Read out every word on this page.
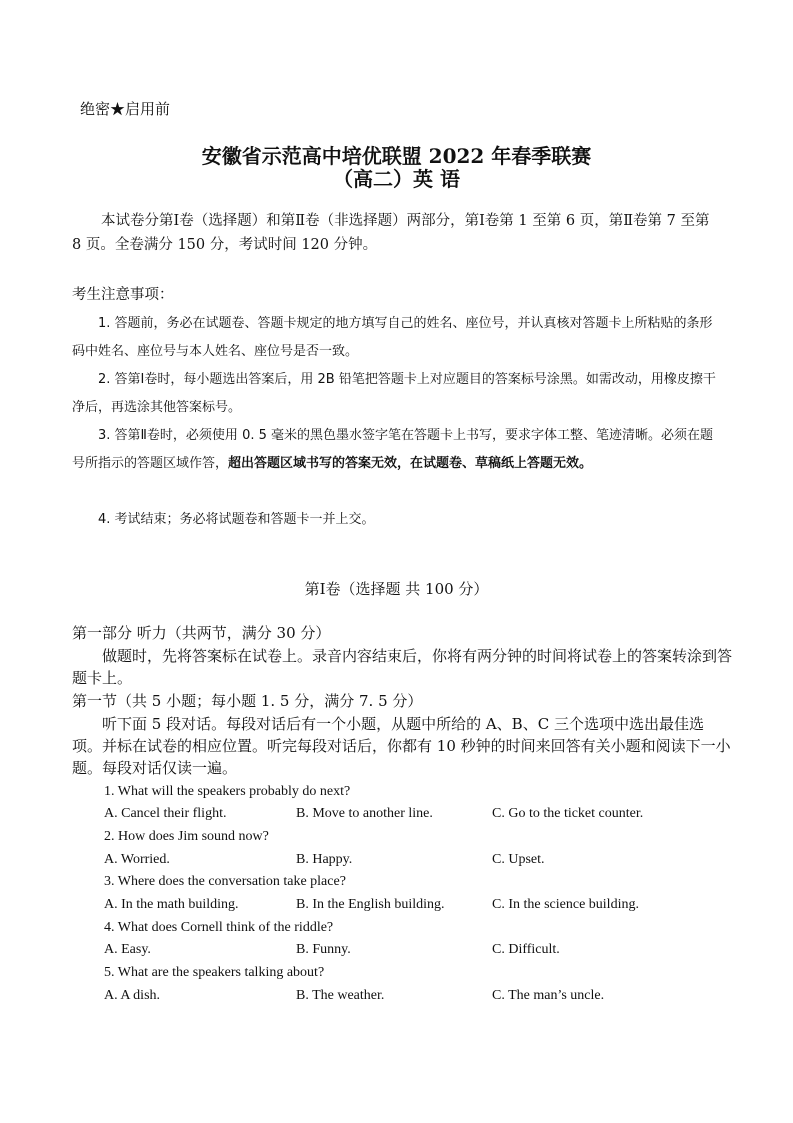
绝密★启用前
安徽省示范高中培优联盟 2022 年春季联赛
（高二）英 语
本试卷分第Ⅰ卷（选择题）和第Ⅱ卷（非选择题）两部分，第Ⅰ卷第 1 至第 6 页，第Ⅱ卷第 7 至第 8 页。全卷满分 150 分，考试时间 120 分钟。
考生注意事项：
1. 答题前，务必在试题卷、答题卡规定的地方填写自己的姓名、座位号，并认真核对答题卡上所粘贴的条形码中姓名、座位号与本人姓名、座位号是否一致。
2. 答第Ⅰ卷时，每小题选出答案后，用 2B 铅笔把答题卡上对应题目的答案标号涂黑。如需改动，用橡皮擦干净后，再选涂其他答案标号。
3. 答第Ⅱ卷时，必须使用 0. 5 毫米的黑色墨水签字笔在答题卡上书写，要求字体工整、笔迹清晰。必须在题号所指示的答题区域作答，超出答题区域书写的答案无效，在试题卷、草稿纸上答题无效。
4. 考试结束；务必将试题卷和答题卡一并上交。
第Ⅰ卷（选择题 共 100 分）
第一部分 听力（共两节，满分 30 分）
做题时，先将答案标在试卷上。录音内容结束后，你将有两分钟的时间将试卷上的答案转涂到答题卡上。
第一节（共 5 小题；每小题 1. 5 分，满分 7. 5 分）
听下面 5 段对话。每段对话后有一个小题，从题中所给的 A、B、C 三个选项中选出最佳选项。并标在试卷的相应位置。听完每段对话后，你都有 10 秒钟的时间来回答有关小题和阅读下一小题。每段对话仅读一遍。
1. What will the speakers probably do next?
A. Cancel their flight.	B. Move to another line.	C. Go to the ticket counter.
2. How does Jim sound now?
A. Worried.	B. Happy.	C. Upset.
3. Where does the conversation take place?
A. In the math building.	B. In the English building.	C. In the science building.
4. What does Cornell think of the riddle?
A. Easy.	B. Funny.	C. Difficult.
5. What are the speakers talking about?
A. A dish.	B. The weather.	C. The man’s uncle.
